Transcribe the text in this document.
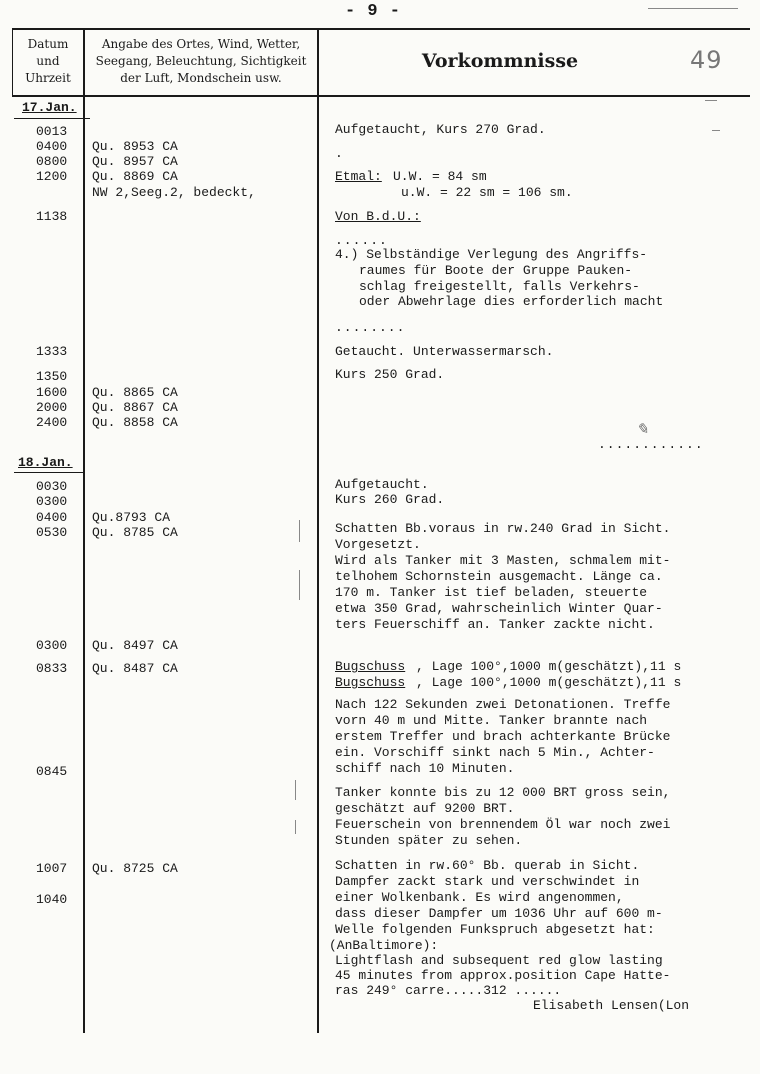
- 9 -
49
Datum
und
Uhrzeit
Angabe des Ortes, Wind, Wetter,
Seegang, Beleuchtung, Sichtigkeit
der Luft, Mondschein usw.
Vorkommnisse
17.Jan.
18.Jan.
0013
0400
0800
1200
1138
1333
1350
1600
2000
2400
0030
0300
0400
0530
0300
0833
0845
1007
1040
Qu. 8953 CA
Qu. 8957 CA
Qu. 8869 CA
NW 2,Seeg.2, bedeckt,
Qu. 8865 CA
Qu. 8867 CA
Qu. 8858 CA
Qu.8793 CA
Qu. 8785 CA
Qu. 8497 CA
Qu. 8487 CA
Qu. 8725 CA
Aufgetaucht, Kurs 270 Grad.
.
Etmal: U.W. = 84 sm
u.W. = 22 sm = 106 sm.
Von B.d.U.:
......
4.) Selbständige Verlegung des Angriffs-
raumes für Boote der Gruppe Pauken-
schlag freigestellt, falls Verkehrs-
oder Abwehrlage dies erforderlich macht
........
Getaucht. Unterwassermarsch.
Kurs 250 Grad.
............
Aufgetaucht.
Kurs 260 Grad.
Schatten Bb.voraus in rw.240 Grad in Sicht.
Vorgesetzt.
Wird als Tanker mit 3 Masten, schmalem mit-
telhohem Schornstein ausgemacht. Länge ca.
170 m. Tanker ist tief beladen, steuerte
etwa 350 Grad, wahrscheinlich Winter Quar-
ters Feuerschiff an. Tanker zackte nicht.
Bugschuss , Lage 100°,1000 m(geschätzt),11 s
Bugschuss , Lage 100°,1000 m(geschätzt),11 s
Nach 122 Sekunden zwei Detonationen. Treffe
vorn 40 m und Mitte. Tanker brannte nach
erstem Treffer und brach achterkante Brücke
ein. Vorschiff sinkt nach 5 Min., Achter-
schiff nach 10 Minuten.
Tanker konnte bis zu 12 000 BRT gross sein,
geschätzt auf 9200 BRT.
Feuerschein von brennendem Öl war noch zwei
Stunden später zu sehen.
Schatten in rw.60° Bb. querab in Sicht.
Dampfer zackt stark und verschwindet in
einer Wolkenbank. Es wird angenommen,
dass dieser Dampfer um 1036 Uhr auf 600 m-
Welle folgenden Funkspruch abgesetzt hat:
(AnBaltimore):
Lightflash and subsequent red glow lasting
45 minutes from approx.position Cape Hatte-
ras 249° carre.....312 ......
Elisabeth Lensen(Lon
✎
